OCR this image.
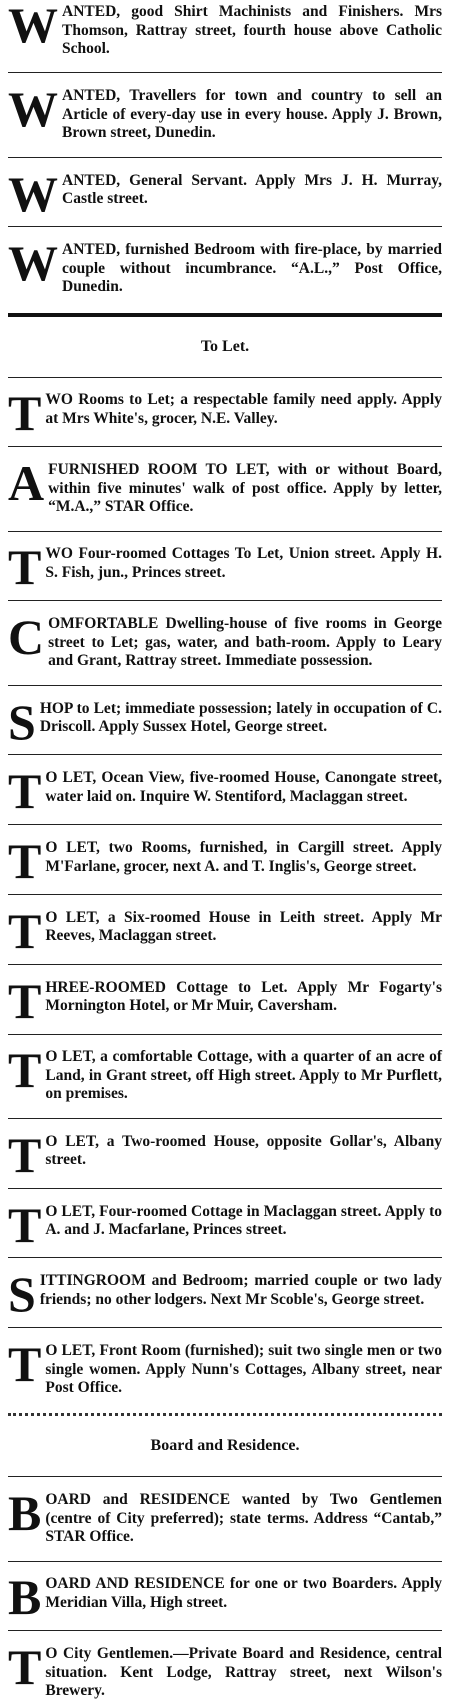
WANTED, good Shirt Machinists and Finishers. Mrs Thomson, Rattray street, fourth house above Catholic School.
WANTED, Travellers for town and country to sell an Article of every-day use in every house. Apply J. Brown, Brown street, Dunedin.
WANTED, General Servant. Apply Mrs J. H. Murray, Castle street.
WANTED, furnished Bedroom with fire-place, by married couple without incumbrance. “A.L.,” Post Office, Dunedin.
To Let.
TWO Rooms to Let; a respectable family need apply. Apply at Mrs White's, grocer, N.E. Valley.
AFURNISHED ROOM TO LET, with or without Board, within five minutes' walk of post office. Apply by letter, “M.A.,” STAR Office.
TWO Four-roomed Cottages To Let, Union street. Apply H. S. Fish, jun., Princes street.
COMFORTABLE Dwelling-house of five rooms in George street to Let; gas, water, and bath-room. Apply to Leary and Grant, Rattray street. Immediate possession.
SHOP to Let; immediate possession; lately in occupation of C. Driscoll. Apply Sussex Hotel, George street.
T O LET, Ocean View, five-roomed House, Canongate street, water laid on. Inquire W. Stentiford, Maclaggan street.
T O LET, two Rooms, furnished, in Cargill street. Apply M'Farlane, grocer, next A. and T. Inglis's, George street.
T O LET, a Six-roomed House in Leith street. Apply Mr Reeves, Maclaggan street.
THREE-ROOMED Cottage to Let. Apply Mr Fogarty's Mornington Hotel, or Mr Muir, Caversham.
T O LET, a comfortable Cottage, with a quarter of an acre of Land, in Grant street, off High street. Apply to Mr Purflett, on premises.
T O LET, a Two-roomed House, opposite Gollar's, Albany street.
T O LET, Four-roomed Cottage in Maclaggan street. Apply to A. and J. Macfarlane, Princes street.
SITTINGROOM and Bedroom; married couple or two lady friends; no other lodgers. Next Mr Scoble's, George street.
T O LET, Front Room (furnished); suit two single men or two single women. Apply Nunn's Cottages, Albany street, near Post Office.
Board and Residence.
BOARD and RESIDENCE wanted by Two Gentlemen (centre of City preferred); state terms. Address “Cantab,” STAR Office.
BOARD AND RESIDENCE for one or two Boarders. Apply Meridian Villa, High street.
T O City Gentlemen.—Private Board and Residence, central situation. Kent Lodge, Rattray street, next Wilson's Brewery.
